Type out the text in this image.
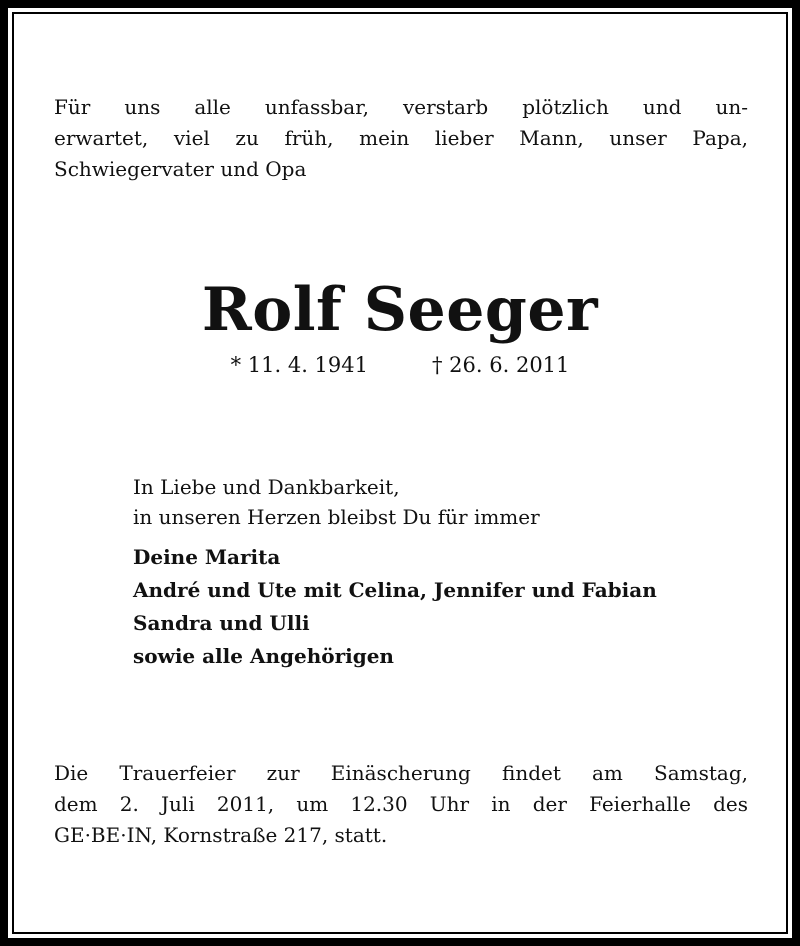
Für uns alle unfassbar, verstarb plötzlich und un-
erwartet, viel zu früh, mein lieber Mann, unser Papa,
Schwiegervater und Opa

Rolf Seeger
* 11. 4. 1941	† 26. 6. 2011
In Liebe und Dankbarkeit,
in unseren Herzen bleibst Du für immer
Deine Marita
André und Ute mit Celina, Jennifer und Fabian
Sandra und Ulli
sowie alle Angehörigen

Die Trauerfeier zur Einäscherung findet am Samstag,
dem 2. Juli 2011, um 12.30 Uhr in der Feierhalle des
GE·BE·IN, Kornstraße 217, statt.
